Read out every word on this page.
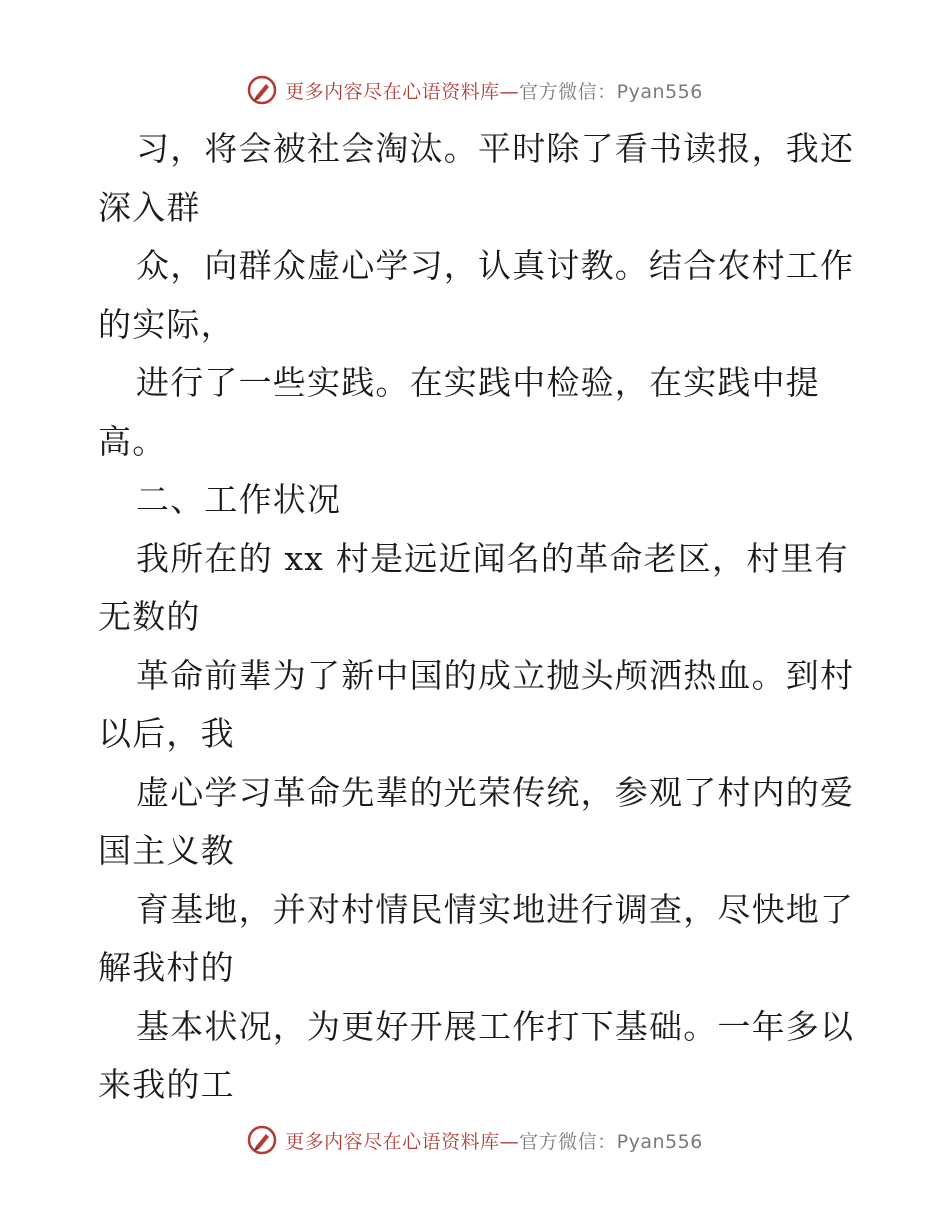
更多内容尽在心语资料库—官方微信：Pyan556
习，将会被社会淘汰。平时除了看书读报，我还
深入群
众，向群众虚心学习，认真讨教。结合农村工作
的实际，
进行了一些实践。在实践中检验，在实践中提
高。
二、工作状况
我所在的 xx 村是远近闻名的革命老区，村里有
无数的
革命前辈为了新中国的成立抛头颅洒热血。到村
以后，我
虚心学习革命先辈的光荣传统，参观了村内的爱
国主义教
育基地，并对村情民情实地进行调查，尽快地了
解我村的
基本状况，为更好开展工作打下基础。一年多以
来我的工
更多内容尽在心语资料库—官方微信：Pyan556
